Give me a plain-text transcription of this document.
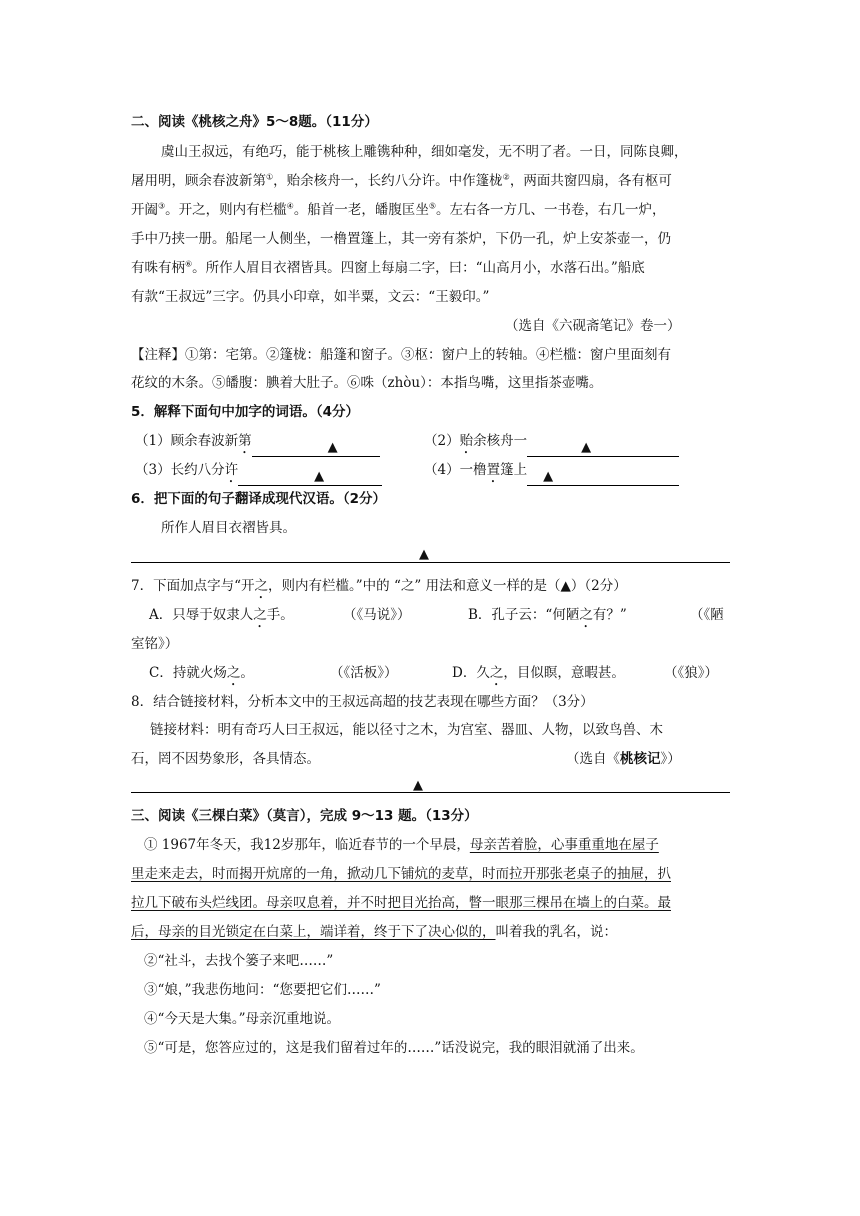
二、阅读《桃核之舟》5～8题。（11分）
虞山王叔远，有绝巧，能于桃核上雕镌种种，细如毫发，无不明了者。一日，同陈良卿，
屠用明，顾余春波新第①，贻余核舟一，长约八分许。中作篷栊②，两面共窗四扇，各有枢可
开阖③。开之，则内有栏槛④。船首一老，皤腹匡坐⑤。左右各一方几、一书卷，右几一炉，
手中乃挟一册。船尾一人侧坐，一橹置篷上，其一旁有茶炉，下仍一孔，炉上安茶壶一，仍
有咮有柄⑥。所作人眉目衣褶皆具。四窗上每扇二字，曰：“山高月小，水落石出。”船底
有款“王叔远”三字。仍具小印章，如半粟，文云：“王毅印。”
（选自《六砚斋笔记》卷一）
【注释】①第：宅第。②篷栊：船篷和窗子。③枢：窗户上的转轴。④栏槛：窗户里面刻有
花纹的木条。⑤皤腹：腆着大肚子。⑥咮（zhòu）：本指鸟嘴，这里指茶壶嘴。
5．解释下面句中加字的词语。（4分）
（1）顾余春波新第	▲	（2）贻余核舟一	▲
（3）长约八分许	▲	（4）一橹置篷上 ▲
6．把下面的句子翻译成现代汉语。（2分）
所作人眉目衣褶皆具。
▲
7．下面加点字与“开之，则内有栏槛。”中的 “之” 用法和意义一样的是（▲）（2分）
A．只辱于奴隶人之手。	（《马说》）	B．孔子云：“何陋之有？”	（《陋
室铭》）
C．持就火炀之。	（《活板》）	D．久之，目似瞑，意暇甚。	（《狼》）
8．结合链接材料，分析本文中的王叔远高超的技艺表现在哪些方面？（3分）
链接材料：明有奇巧人曰王叔远，能以径寸之木，为宫室、器皿、人物，以致鸟兽、木
石，罔不因势象形，各具情态。	（选自《桃核记》）
▲
三、阅读《三棵白菜》（莫言），完成 9～13 题。（13分）
① 1967年冬天，我12岁那年，临近春节的一个早晨，母亲苦着脸，心事重重地在屋子
里走来走去，时而揭开炕席的一角，掀动几下铺炕的麦草，时而拉开那张老桌子的抽屉，扒
拉几下破布头烂线团。母亲叹息着，并不时把目光抬高，瞥一眼那三棵吊在墙上的白菜。最
后，母亲的目光锁定在白菜上，端详着，终于下了决心似的，叫着我的乳名，说：
②“社斗，去找个篓子来吧……”
③“娘，”我悲伤地问：“您要把它们……”
④“今天是大集。”母亲沉重地说。
⑤“可是，您答应过的，这是我们留着过年的……”话没说完，我的眼泪就涌了出来。
